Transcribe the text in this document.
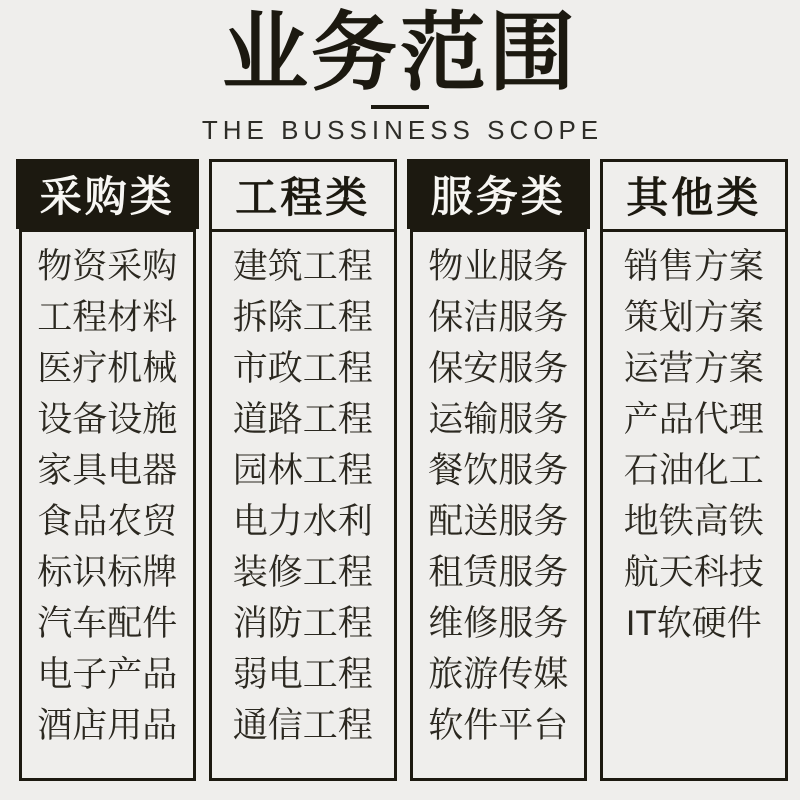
业务范围
THE BUSSINESS SCOPE
采购类
物资采购
工程材料
医疗机械
设备设施
家具电器
食品农贸
标识标牌
汽车配件
电子产品
酒店用品
工程类
建筑工程
拆除工程
市政工程
道路工程
园林工程
电力水利
装修工程
消防工程
弱电工程
通信工程
服务类
物业服务
保洁服务
保安服务
运输服务
餐饮服务
配送服务
租赁服务
维修服务
旅游传媒
软件平台
其他类
销售方案
策划方案
运营方案
产品代理
石油化工
地铁高铁
航天科技
IT软硬件
